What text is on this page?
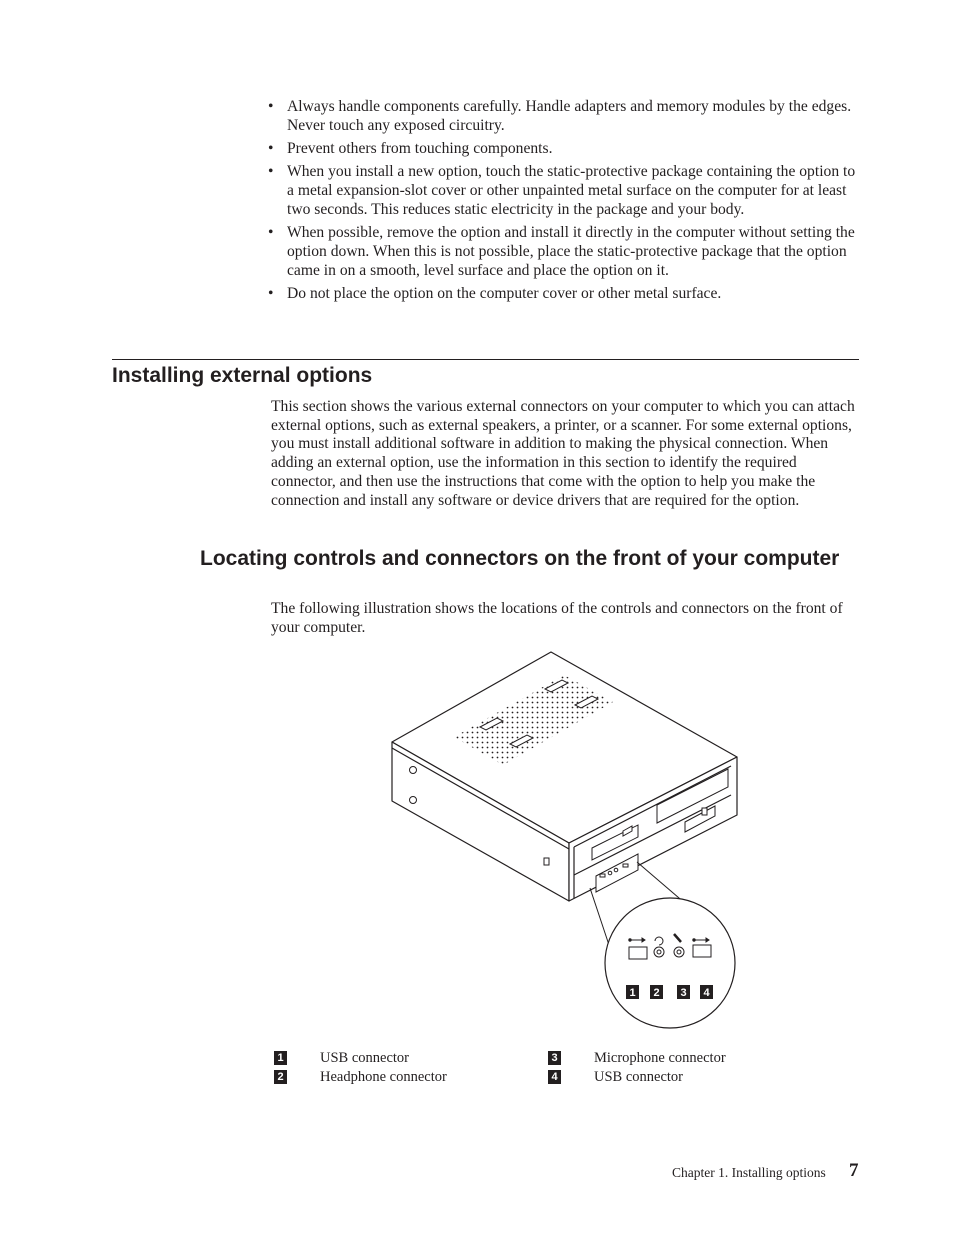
• Always handle components carefully. Handle adapters and memory modules by the edges. Never touch any exposed circuitry.
• Prevent others from touching components.
• When you install a new option, touch the static-protective package containing the option to a metal expansion-slot cover or other unpainted metal surface on the computer for at least two seconds. This reduces static electricity in the package and your body.
• When possible, remove the option and install it directly in the computer without setting the option down. When this is not possible, place the static-protective package that the option came in on a smooth, level surface and place the option on it.
• Do not place the option on the computer cover or other metal surface.
Installing external options

This section shows the various external connectors on your computer to which you can attach external options, such as external speakers, a printer, or a scanner. For some external options, you must install additional software in addition to making the physical connection. When adding an external option, use the information in this section to identify the required connector, and then use the instructions that come with the option to help you make the connection and install any software or device drivers that are required for the option.

Locating controls and connectors on the front of your computer

The following illustration shows the locations of the controls and connectors on the front of your computer.

1 2 3 4
1	USB connector
2	Headphone connector
3	Microphone connector
4	USB connector
Chapter 1. Installing options 7
